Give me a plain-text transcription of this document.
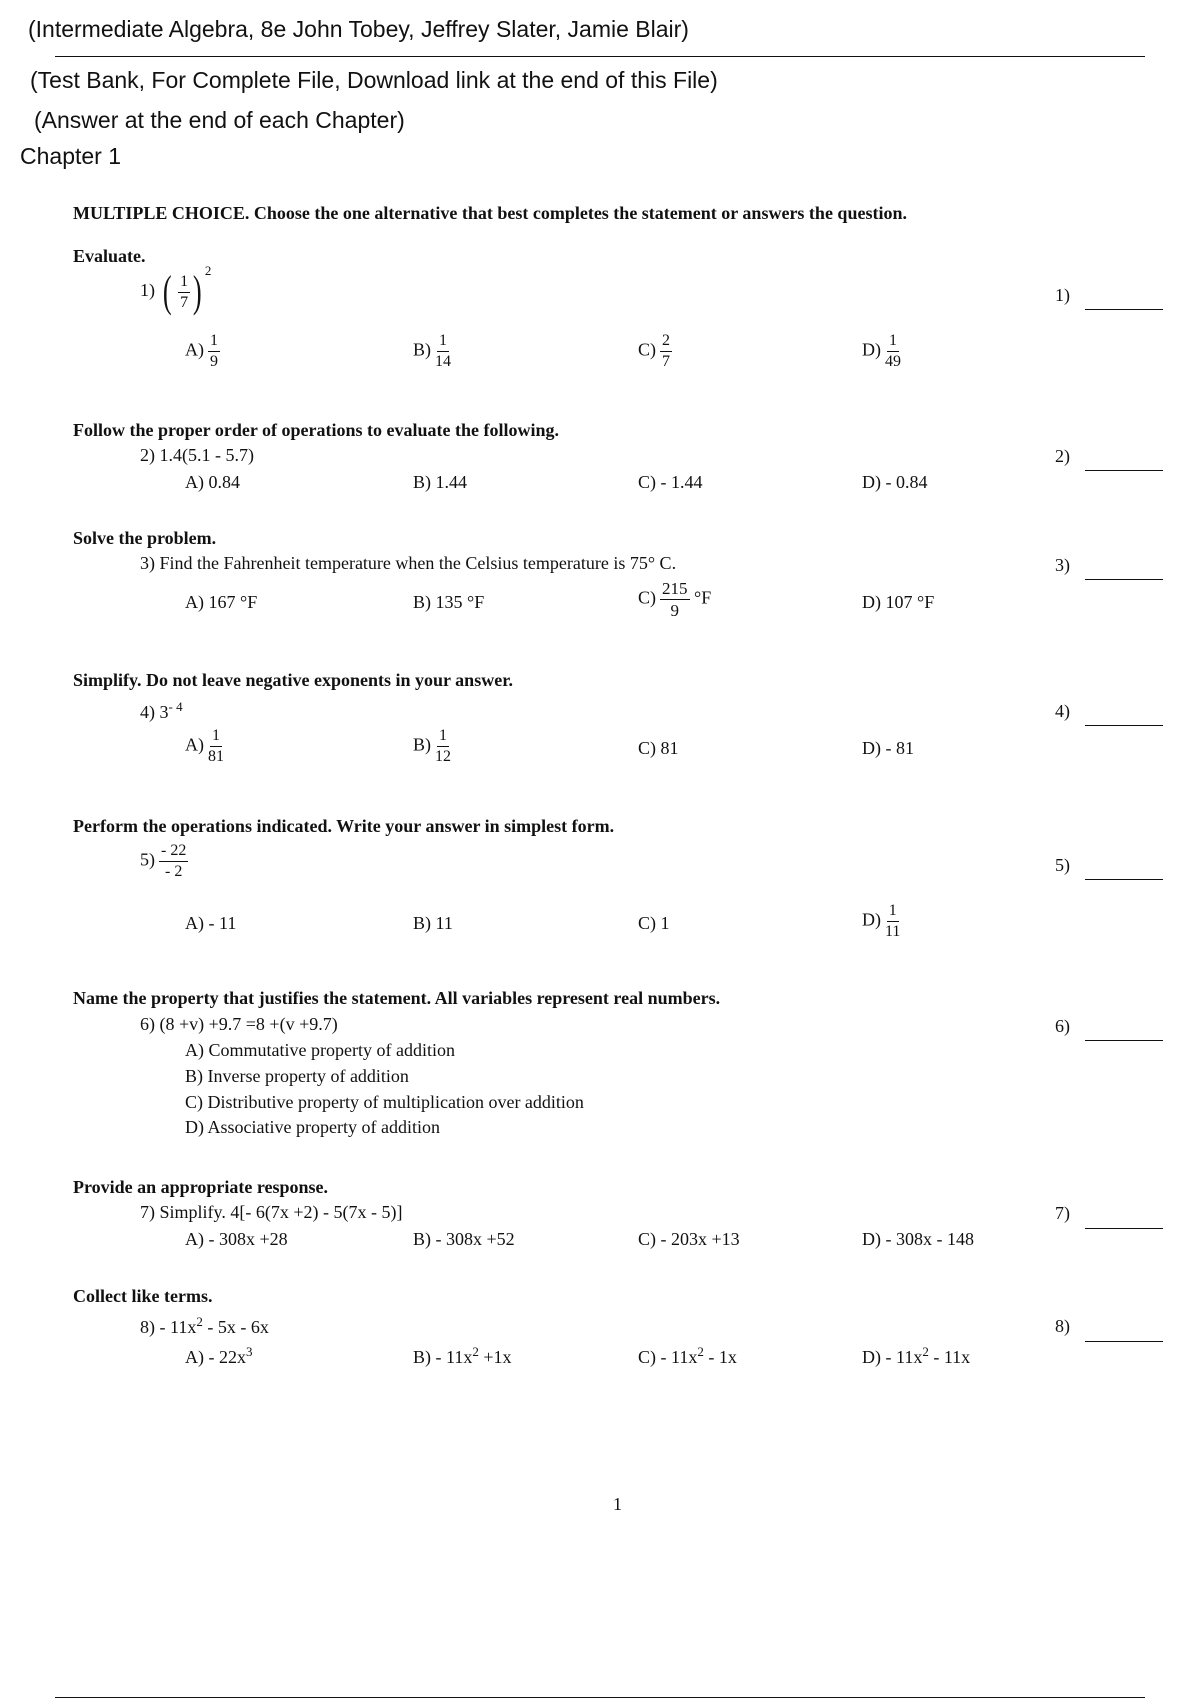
(Intermediate Algebra, 8e John Tobey, Jeffrey Slater, Jamie Blair)
(Test Bank, For Complete File, Download link at the end of this File)
(Answer at the end of each Chapter)
Chapter 1
MULTIPLE CHOICE. Choose the one alternative that best completes the statement or answers the question.
Evaluate.
1) ( $\frac{1}{7}$ ) $^2$
1)
$A) \frac{1}{9}$	$B) \frac{1}{14}$	$C) \frac{2}{7}$	$D) \frac{1}{49}$
Follow the proper order of operations to evaluate the following.
2) 1.4(5.1 - 5.7)	2)
A) 0.84	B) 1.44	C) - 1.44	D) - 0.84
Solve the problem.
3) Find the Fahrenheit temperature when the Celsius temperature is 75° C.	3)
A) 167 °F	B) 135 °F	$C) \frac{215}{9} ^\circ F$	D) 107 °F
Simplify. Do not leave negative exponents in your answer.
4) $3^{- 4}$	4)
$A) \frac{1}{81}$	$B) \frac{1}{12}$	C) 81	D) - 81
Perform the operations indicated. Write your answer in simplest form.
$5) \frac{- 22}{- 2}$	5)
A) - 11	B) 11	C) 1	$D) \frac{1}{11}$
Name the property that justifies the statement. All variables represent real numbers.
6) (8 +v) +9.7 =8 +(v +9.7)	6)
A) Commutative property of addition
B) Inverse property of addition
C) Distributive property of multiplication over addition
D) Associative property of addition
Provide an appropriate response.
7) Simplify. 4[- 6(7x +2) - 5(7x - 5)]	7)
A) - 308x +28	B) - 308x +52	C) - 203x +13	D) - 308x - 148
Collect like terms.
$8) - 11x^2 - 5x - 6x$	8)
$A) - 22x^3$	$B) - 11x^2 +1x$	$C) - 11x^2 - 1x$	$D) - 11x^2 - 11x$
1
